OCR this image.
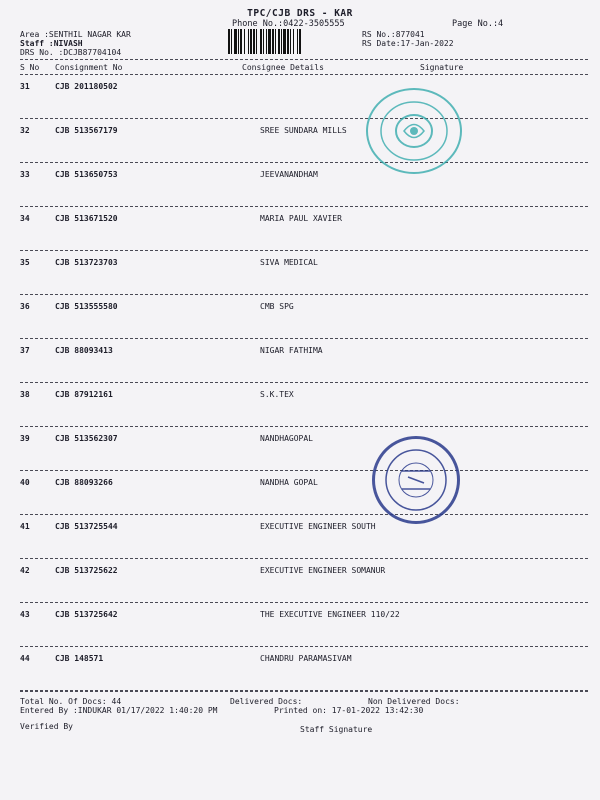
TPC/CJB DRS - KAR
Phone No.:0422-3505555	Page No.:4
Area :SENTHIL NAGAR KAR
Staff :NIVASH
DRS No. :DCJB87704104
RS No.:877041
RS Date:17-Jan-2022
S No Consignment No	Consignee Details	Signature
31	CJB 201180502
32	CJB 513567179	SREE SUNDARA MILLS
33	CJB 513650753	JEEVANANDHAM
34	CJB 513671520	MARIA PAUL XAVIER
35	CJB 513723703	SIVA MEDICAL
36	CJB 513555580	CMB SPG
37	CJB 88093413	NIGAR FATHIMA
38	CJB 87912161	S.K.TEX
39	CJB 513562307	NANDHAGOPAL
40	CJB 88093266	NANDHA GOPAL
41	CJB 513725544	EXECUTIVE ENGINEER SOUTH
42	CJB 513725622	EXECUTIVE ENGINEER SOMANUR
43	CJB 513725642	THE EXECUTIVE ENGINEER 110/22
44	CJB 148571	CHANDRU PARAMASIVAM
Total No. Of Docs: 44	Delivered Docs:	Non Delivered Docs:
Entered By :INDUKAR 01/17/2022 1:40:20 PM	Printed on: 17-01-2022 13:42:30
Verified By	Staff Signature
